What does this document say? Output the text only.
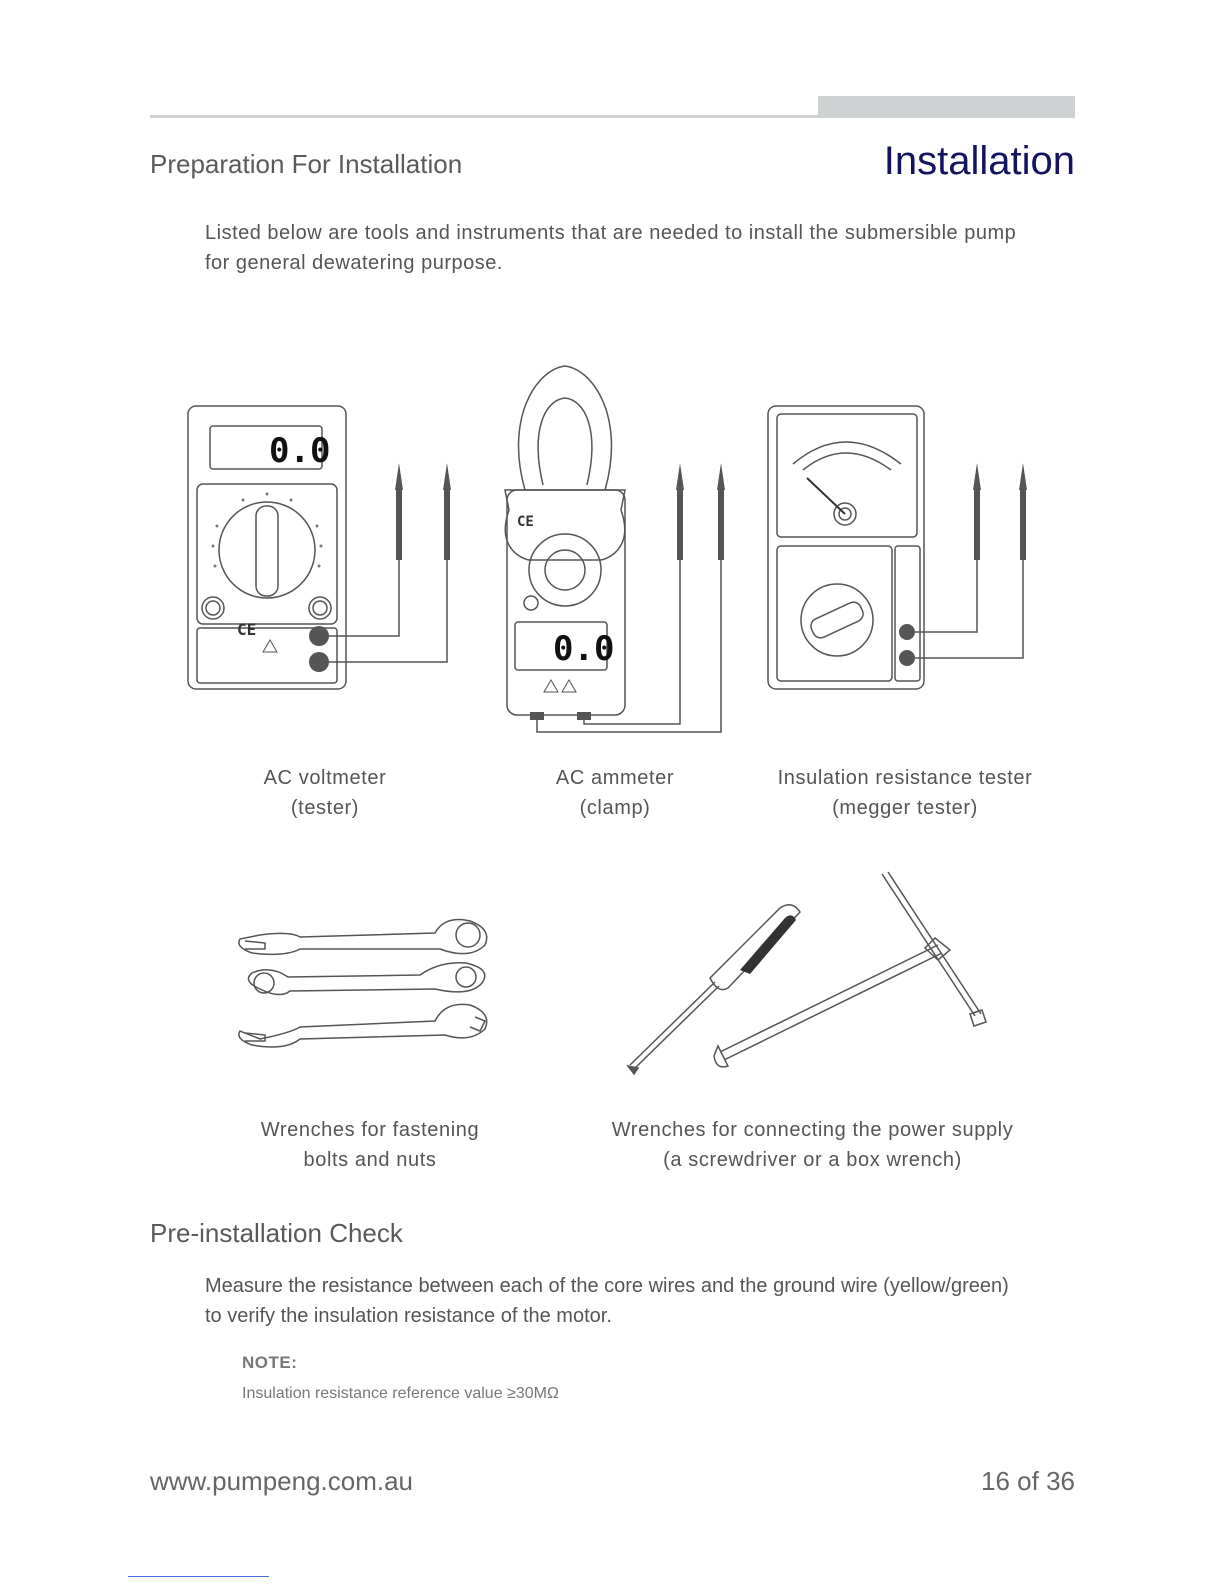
Preparation For Installation	Installation
Listed below are tools and instruments that are needed to install the submersible pump
for general dewatering purpose.
0.0
CE	0.0
CE
AC voltmeter
(tester)
AC ammeter
(clamp)
Insulation resistance tester
(megger tester)
Wrenches for fastening
bolts and nuts
Wrenches for connecting the power supply
(a screwdriver or a box wrench)
Pre-installation Check
Measure the resistance between each of the core wires and the ground wire (yellow/green)
to verify the insulation resistance of the motor.
NOTE:
Insulation resistance reference value ≥30MΩ
www.pumpeng.com.au	16 of 36
